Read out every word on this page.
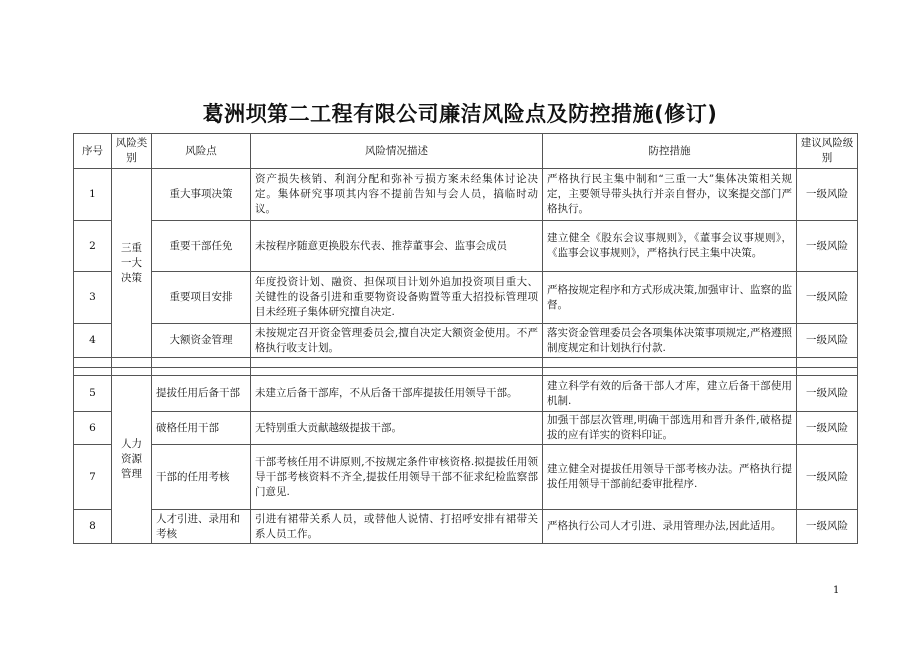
葛洲坝第二工程有限公司廉洁风险点及防控措施(修订)
序号	风险类别	风险点	风险情况描述	防控措施	建议风险级别
1	三重一大决策	重大事项决策	资产损失核销、利润分配和弥补亏损方案未经集体讨论决定。集体研究事项其内容不提前告知与会人员，搞临时动议。	严格执行民主集中制和“三重一大”集体决策相关规定，主要领导带头执行并亲自督办，议案提交部门严格执行。	一级风险
2		重要干部任免	未按程序随意更换股东代表、推荐董事会、监事会成员	建立健全《股东会议事规则》，《董事会议事规则》，《监事会议事规则》，严格执行民主集中决策。	一级风险
3		重要项目安排	年度投资计划、融资、担保项目计划外追加投资项目重大、关键性的设备引进和重要物资设备购置等重大招投标管理项目未经班子集体研究擅自决定.	严格按规定程序和方式形成决策,加强审计、监察的监督。	一级风险
4		大额资金管理	未按规定召开资金管理委员会,擅自决定大额资金使用。不严格执行收支计划。	落实资金管理委员会各项集体决策事项规定,严格遵照制度规定和计划执行付款.	一级风险

5	人力资源管理	提拔任用后备干部	未建立后备干部库，不从后备干部库提拔任用领导干部。	建立科学有效的后备干部人才库，建立后备干部使用机制.	一级风险
6		破格任用干部	无特别重大贡献越级提拔干部。	加强干部层次管理,明确干部选用和晋升条件,破格提拔的应有详实的资料印证。	一级风险
7		干部的任用考核	干部考核任用不讲原则,不按规定条件审核资格.拟提拔任用领导干部考核资料不齐全,提拔任用领导干部不征求纪检监察部门意见.	建立健全对提拔任用领导干部考核办法。严格执行提拔任用领导干部前纪委审批程序.	一级风险
8		人才引进、录用和考核	引进有裙带关系人员，或替他人说情、打招呼安排有裙带关系人员工作。	严格执行公司人才引进、录用管理办法,因此适用。	一级风险
1
